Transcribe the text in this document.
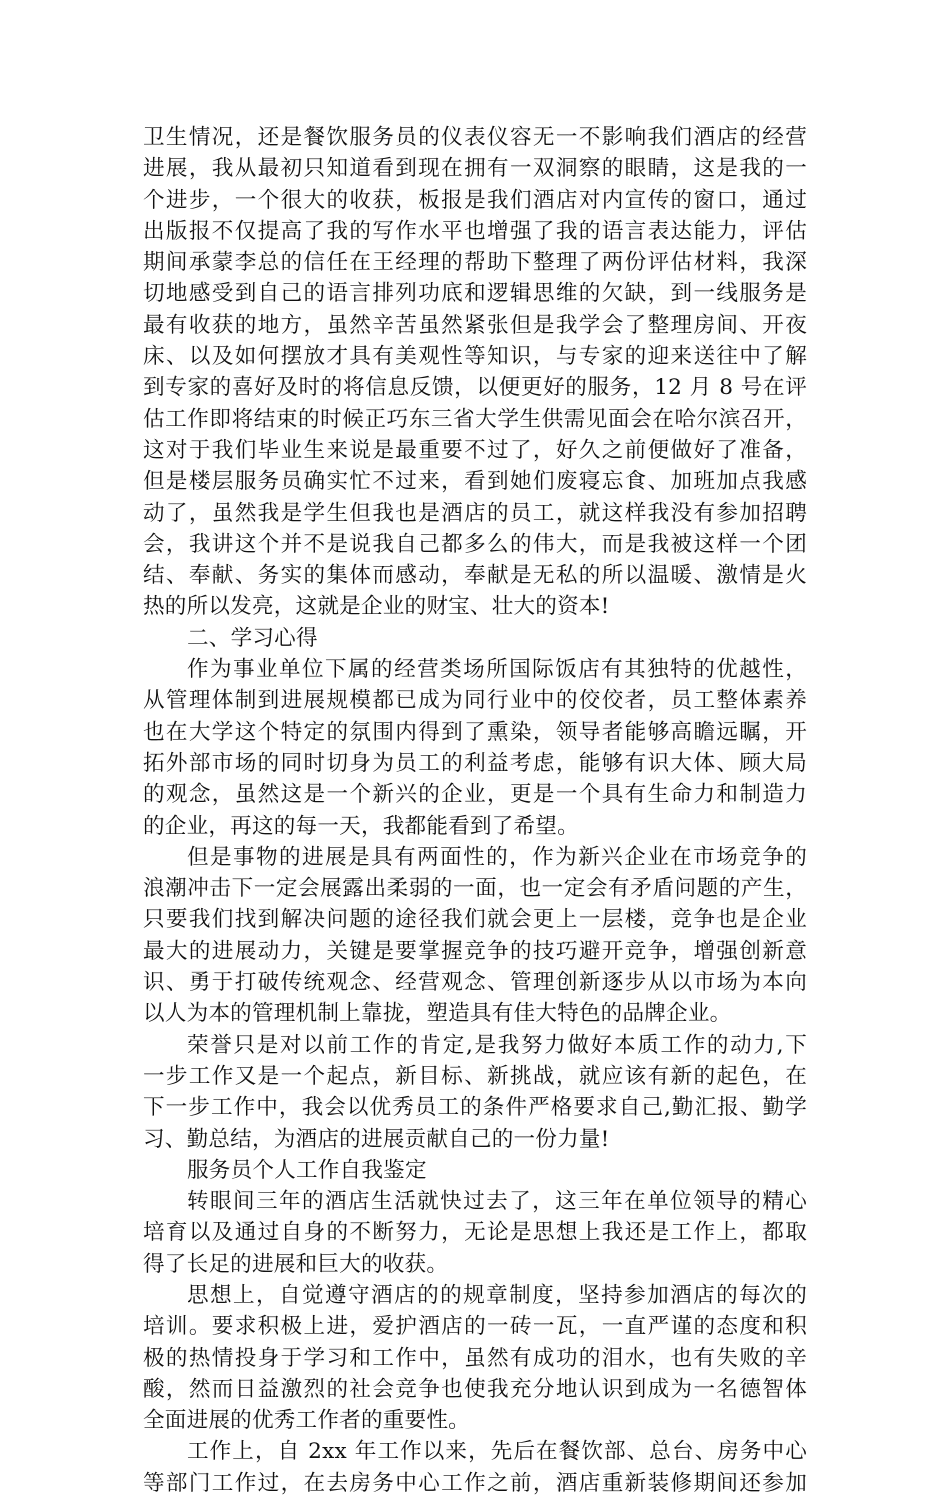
卫生情况，还是餐饮服务员的仪表仪容无一不影响我们酒店的经营
进展，我从最初只知道看到现在拥有一双洞察的眼睛，这是我的一
个进步，一个很大的收获，板报是我们酒店对内宣传的窗口，通过
出版报不仅提高了我的写作水平也增强了我的语言表达能力，评估
期间承蒙李总的信任在王经理的帮助下整理了两份评估材料，我深
切地感受到自己的语言排列功底和逻辑思维的欠缺，到一线服务是
最有收获的地方，虽然辛苦虽然紧张但是我学会了整理房间、开夜
床、以及如何摆放才具有美观性等知识，与专家的迎来送往中了解
到专家的喜好及时的将信息反馈，以便更好的服务，12 月 8 号在评
估工作即将结束的时候正巧东三省大学生供需见面会在哈尔滨召开，
这对于我们毕业生来说是最重要不过了，好久之前便做好了准备，
但是楼层服务员确实忙不过来，看到她们废寝忘食、加班加点我感
动了，虽然我是学生但我也是酒店的员工，就这样我没有参加招聘
会，我讲这个并不是说我自己都多么的伟大，而是我被这样一个团
结、奉献、务实的集体而感动，奉献是无私的所以温暖、激情是火
热的所以发亮，这就是企业的财宝、壮大的资本!
二、学习心得
作为事业单位下属的经营类场所国际饭店有其独特的优越性，
从管理体制到进展规模都已成为同行业中的佼佼者，员工整体素养
也在大学这个特定的氛围内得到了熏染，领导者能够高瞻远瞩，开
拓外部市场的同时切身为员工的利益考虑，能够有识大体、顾大局
的观念，虽然这是一个新兴的企业，更是一个具有生命力和制造力
的企业，再这的每一天，我都能看到了希望。
但是事物的进展是具有两面性的，作为新兴企业在市场竞争的
浪潮冲击下一定会展露出柔弱的一面，也一定会有矛盾问题的产生，
只要我们找到解决问题的途径我们就会更上一层楼，竞争也是企业
最大的进展动力，关键是要掌握竞争的技巧避开竞争，增强创新意
识、勇于打破传统观念、经营观念、管理创新逐步从以市场为本向
以人为本的管理机制上靠拢，塑造具有佳大特色的品牌企业。
荣誉只是对以前工作的肯定,是我努力做好本质工作的动力,下
一步工作又是一个起点，新目标、新挑战，就应该有新的起色，在
下一步工作中，我会以优秀员工的条件严格要求自己,勤汇报、勤学
习、勤总结，为酒店的进展贡献自己的一份力量!
服务员个人工作自我鉴定
转眼间三年的酒店生活就快过去了，这三年在单位领导的精心
培育以及通过自身的不断努力，无论是思想上我还是工作上，都取
得了长足的进展和巨大的收获。
思想上，自觉遵守酒店的的规章制度，坚持参加酒店的每次的
培训。要求积极上进，爱护酒店的一砖一瓦，一直严谨的态度和积
极的热情投身于学习和工作中，虽然有成功的泪水，也有失败的辛
酸，然而日益激烈的社会竞争也使我充分地认识到成为一名德智体
全面进展的优秀工作者的重要性。
工作上，自 2xx 年工作以来，先后在餐饮部、总台、房务中心
等部门工作过，在去房务中心工作之前，酒店重新装修期间还参加
